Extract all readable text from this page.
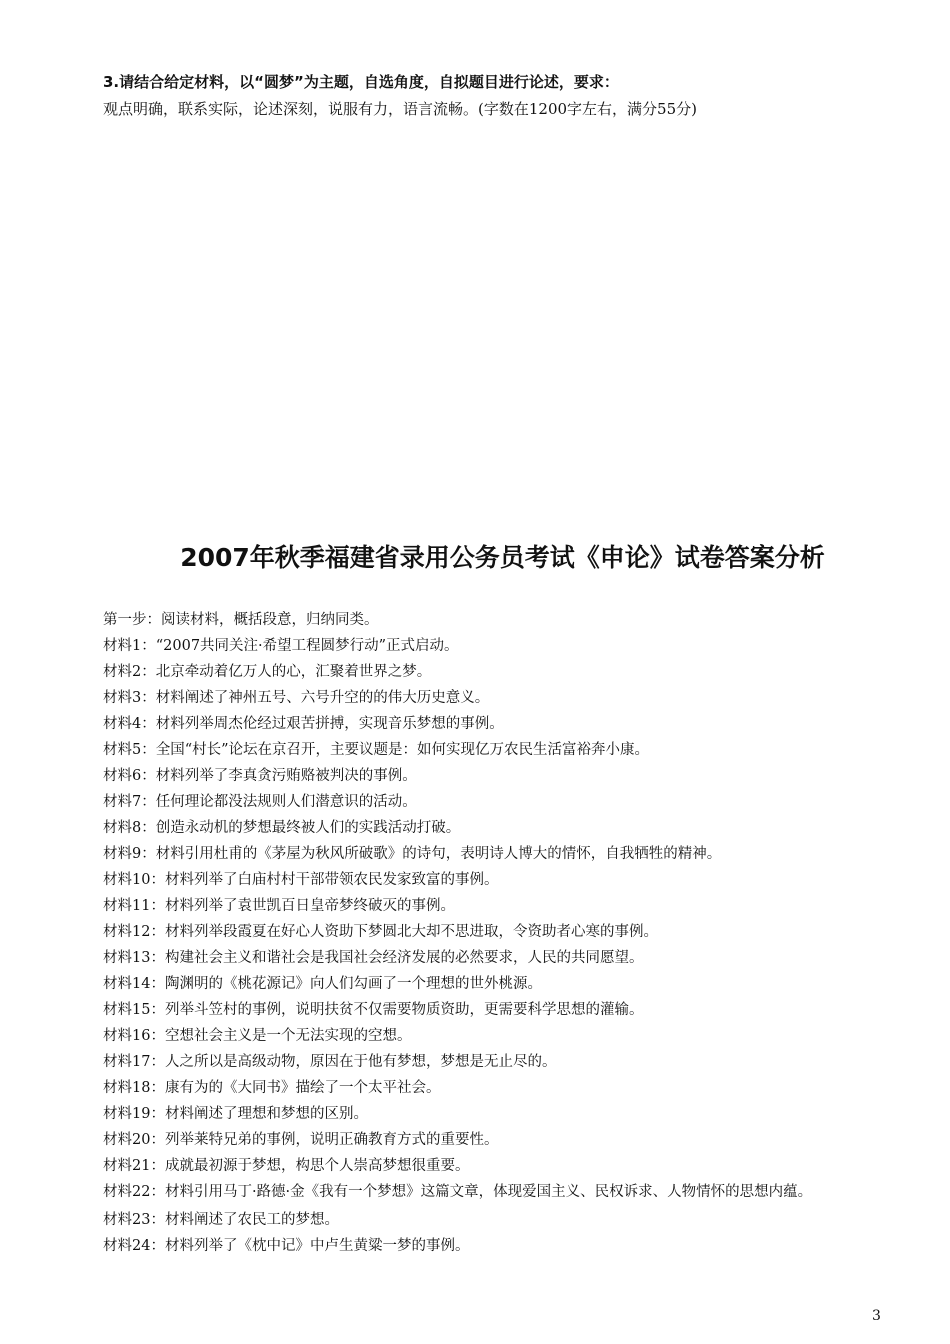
3.请结合给定材料，以“圆梦”为主题，自选角度，自拟题目进行论述，要求：
观点明确，联系实际，论述深刻，说服有力，语言流畅。(字数在1200字左右，满分55分)
2007年秋季福建省录用公务员考试《申论》试卷答案分析
第一步：阅读材料，概括段意，归纳同类。
材料1：“2007共同关注·希望工程圆梦行动”正式启动。
材料2：北京牵动着亿万人的心，汇聚着世界之梦。
材料3：材料阐述了神州五号、六号升空的的伟大历史意义。
材料4：材料列举周杰伦经过艰苦拼搏，实现音乐梦想的事例。
材料5：全国“村长”论坛在京召开，主要议题是：如何实现亿万农民生活富裕奔小康。
材料6：材料列举了李真贪污贿赂被判决的事例。
材料7：任何理论都没法规则人们潜意识的活动。
材料8：创造永动机的梦想最终被人们的实践活动打破。
材料9：材料引用杜甫的《茅屋为秋风所破歌》的诗句，表明诗人博大的情怀，自我牺牲的精神。
材料10：材料列举了白庙村村干部带领农民发家致富的事例。
材料11：材料列举了袁世凯百日皇帝梦终破灭的事例。
材料12：材料列举段霞夏在好心人资助下梦圆北大却不思进取，令资助者心寒的事例。
材料13：构建社会主义和谐社会是我国社会经济发展的必然要求，人民的共同愿望。
材料14：陶渊明的《桃花源记》向人们勾画了一个理想的世外桃源。
材料15：列举斗笠村的事例，说明扶贫不仅需要物质资助，更需要科学思想的灌输。
材料16：空想社会主义是一个无法实现的空想。
材料17：人之所以是高级动物，原因在于他有梦想，梦想是无止尽的。
材料18：康有为的《大同书》描绘了一个太平社会。
材料19：材料阐述了理想和梦想的区别。
材料20：列举莱特兄弟的事例，说明正确教育方式的重要性。
材料21：成就最初源于梦想，构思个人崇高梦想很重要。
材料22：材料引用马丁·路德·金《我有一个梦想》这篇文章，体现爱国主义、民权诉求、人物情怀的思想内蕴。
材料23：材料阐述了农民工的梦想。
材料24：材料列举了《枕中记》中卢生黄粱一梦的事例。
3
